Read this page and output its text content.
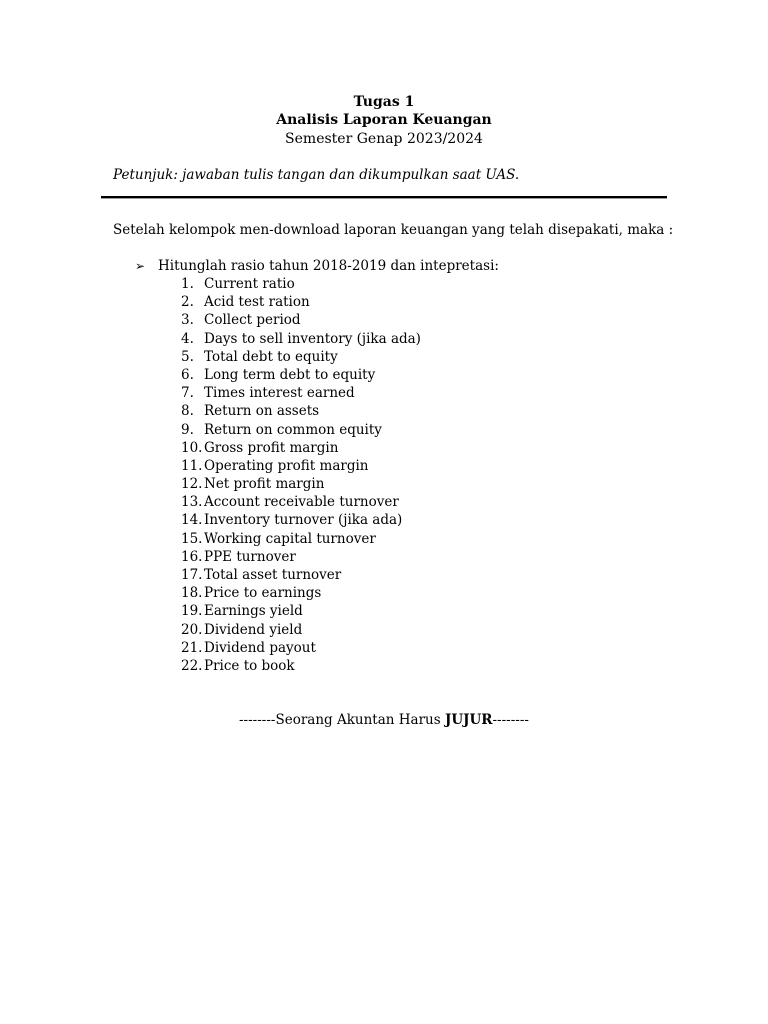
Tugas 1
Analisis Laporan Keuangan
Semester Genap 2023/2024
Petunjuk: jawaban tulis tangan dan dikumpulkan saat UAS.
Setelah kelompok men-download laporan keuangan yang telah disepakati, maka :
➢ Hitunglah rasio tahun 2018-2019 dan intepretasi:
1. Current ratio
2. Acid test ration
3. Collect period
4. Days to sell inventory (jika ada)
5. Total debt to equity
6. Long term debt to equity
7. Times interest earned
8. Return on assets
9. Return on common equity
10. Gross profit margin
11. Operating profit margin
12. Net profit margin
13. Account receivable turnover
14. Inventory turnover (jika ada)
15. Working capital turnover
16. PPE turnover
17. Total asset turnover
18. Price to earnings
19. Earnings yield
20. Dividend yield
21. Dividend payout
22. Price to book
--------Seorang Akuntan Harus JUJUR--------
